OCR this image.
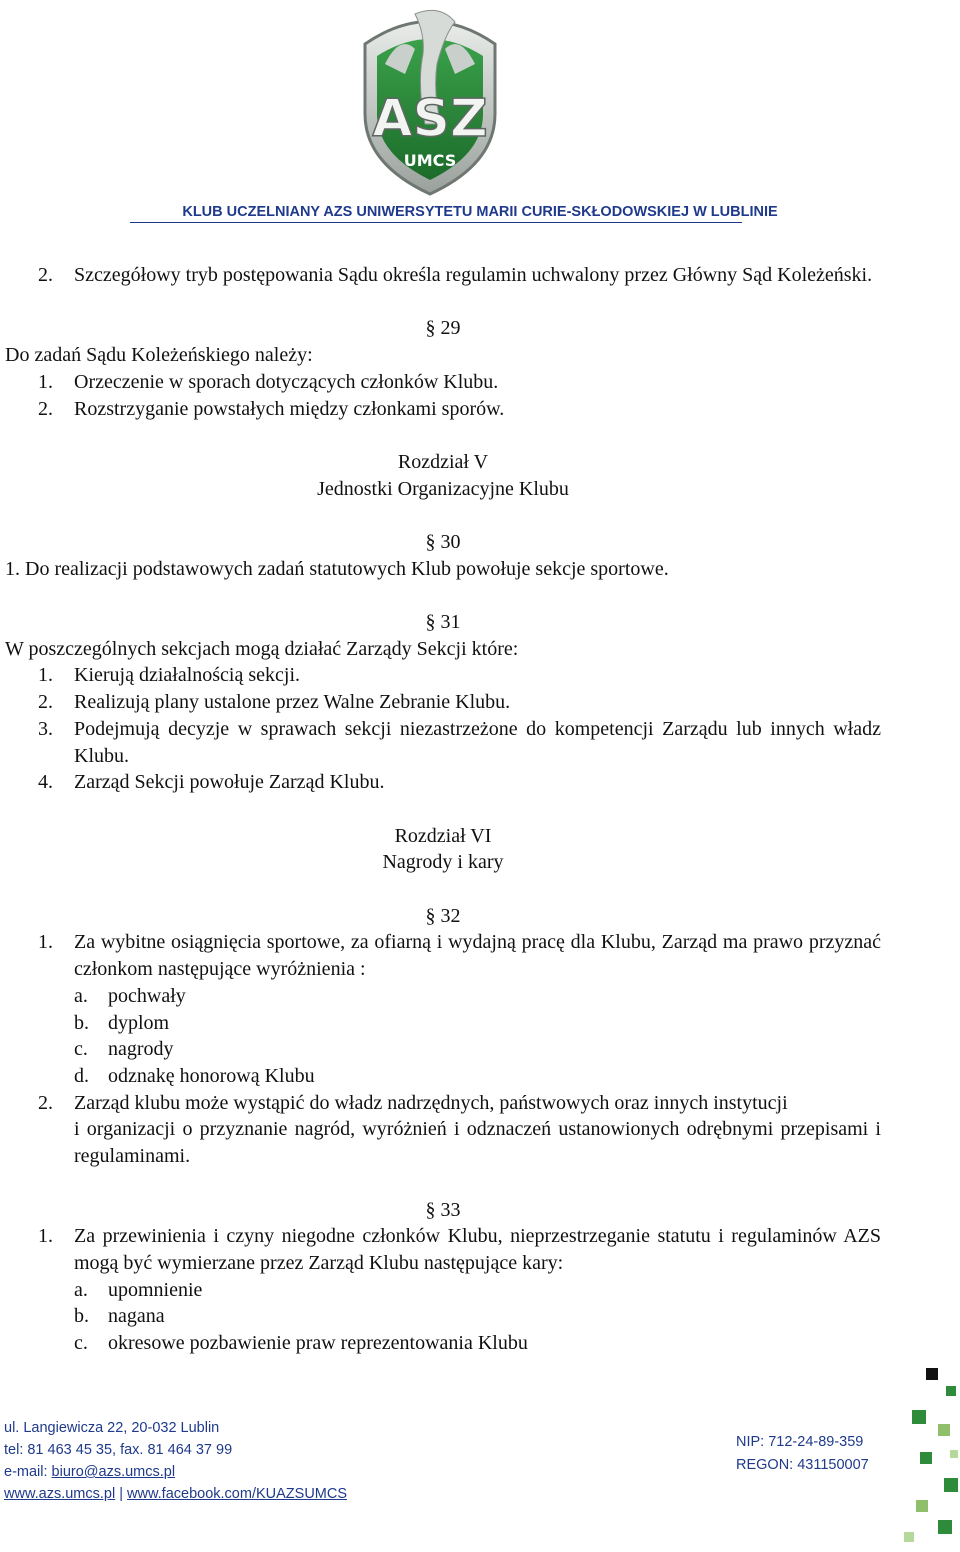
ASZ
UMCS
KLUB UCZELNIANY AZS UNIWERSYTETU MARII CURIE-SKŁODOWSKIEJ W LUBLINIE
2. Szczegółowy tryb postępowania Sądu określa regulamin uchwalony przez Główny Sąd Koleżeński.
§ 29
Do zadań Sądu Koleżeńskiego należy:
1. Orzeczenie w sporach dotyczących członków Klubu.
2. Rozstrzyganie powstałych między członkami sporów.
Rozdział V
Jednostki Organizacyjne Klubu
§ 30
1. Do realizacji podstawowych zadań statutowych Klub powołuje sekcje sportowe.
§ 31
W poszczególnych sekcjach mogą działać Zarządy Sekcji które:
1. Kierują działalnością sekcji.
2. Realizują plany ustalone przez Walne Zebranie Klubu.
3. Podejmują decyzje w sprawach sekcji niezastrzeżone do kompetencji Zarządu lub innych władz Klubu.
4. Zarząd Sekcji powołuje Zarząd Klubu.
Rozdział VI
Nagrody i kary
§ 32
1. Za wybitne osiągnięcia sportowe, za ofiarną i wydajną pracę dla Klubu, Zarząd ma prawo przyznać członkom następujące wyróżnienia :
a. pochwały
b. dyplom
c. nagrody
d. odznakę honorową Klubu
2. Zarząd klubu może wystąpić do władz nadrzędnych, państwowych oraz innych instytucji
i organizacji o przyznanie nagród, wyróżnień i odznaczeń ustanowionych odrębnymi przepisami i regulaminami.
§ 33
1. Za przewinienia i czyny niegodne członków Klubu, nieprzestrzeganie statutu i regulaminów AZS mogą być wymierzane przez Zarząd Klubu następujące kary:
a. upomnienie
b. nagana
c. okresowe pozbawienie praw reprezentowania Klubu
ul. Langiewicza 22, 20-032 Lublin
tel: 81 463 45 35, fax. 81 464 37 99
e-mail: biuro@azs.umcs.pl
www.azs.umcs.pl | www.facebook.com/KUAZSUMCS
NIP: 712-24-89-359
REGON: 431150007
